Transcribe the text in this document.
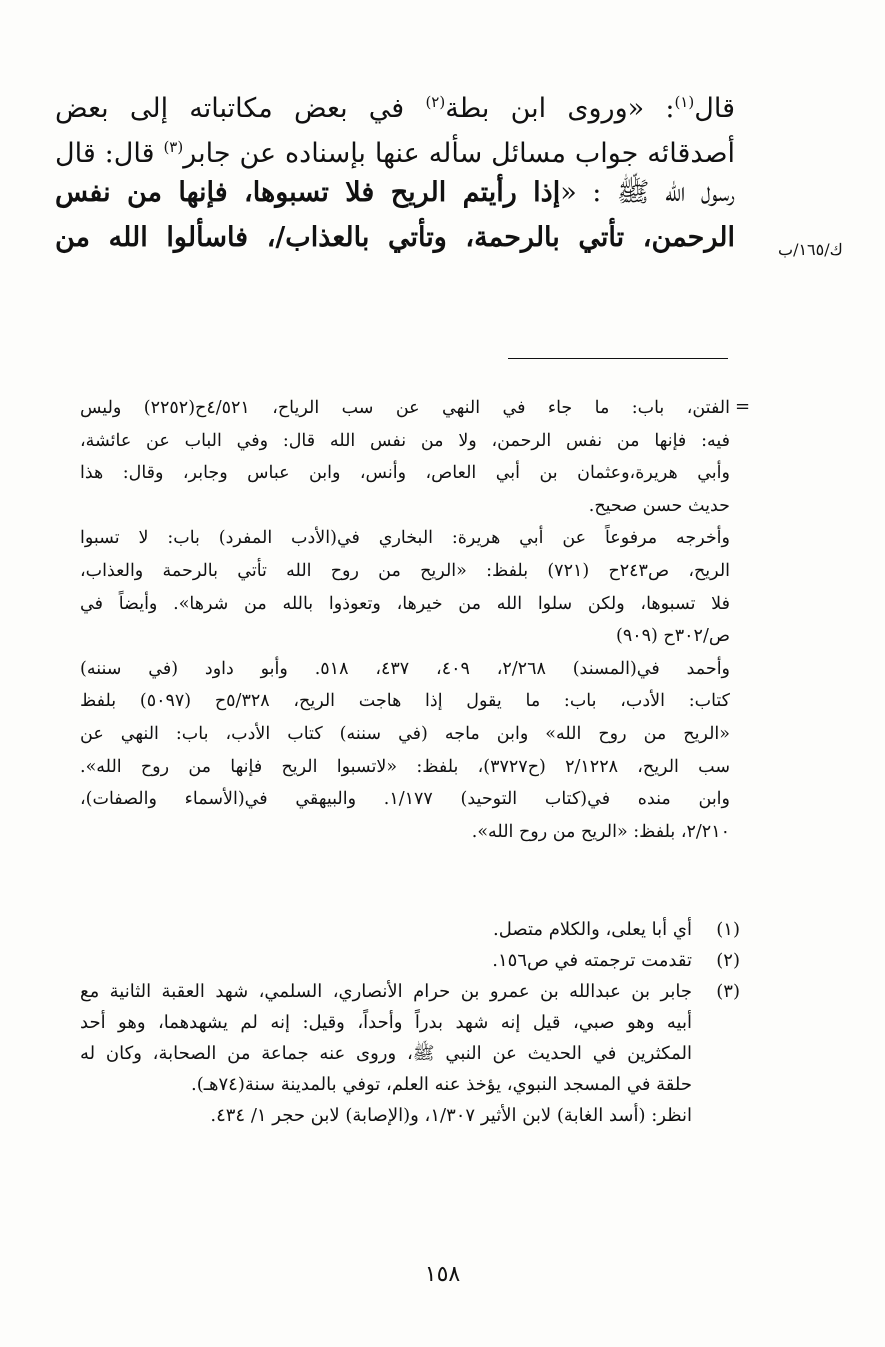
قال$^{(١)}$: «وروى ابن بطة$^{(٢)}$ في بعض مكاتباته إلى بعض
أصدقائه جواب مسائل سأله عنها بإسناده عن جابر$^{(٣)}$ قال: قال
رسول الله ﷺ : «إذا رأيتم الريح فلا تسبوها، فإنها من نفس
الرحمن، تأتي بالرحمة، وتأتي بالعذاب/، فاسألوا الله من	ك/١٦٥/ب
=
الفتن، باب: ما جاء في النهي عن سب الرياح، ٤/٥٢١ح(٢٢٥٢) وليس
فيه: فإنها من نفس الرحمن، ولا من نفس الله قال: وفي الباب عن عائشة،
وأبي هريرة،وعثمان بن أبي العاص، وأنس، وابن عباس وجابر، وقال: هذا
حديث حسن صحيح.
وأخرجه مرفوعاً عن أبي هريرة: البخاري في(الأدب المفرد) باب: لا تسبوا
الريح، ص٢٤٣ح (٧٢١) بلفظ: «الريح من روح الله تأتي بالرحمة والعذاب،
فلا تسبوها، ولكن سلوا الله من خيرها، وتعوذوا بالله من شرها». وأيضاً في
ص/٣٠٢ح (٩٠٩)
وأحمد في(المسند) ٢/٢٦٨، ٤٠٩، ٤٣٧، ٥١٨. وأبو داود (في سننه)
كتاب: الأدب، باب: ما يقول إذا هاجت الريح، ٥/٣٢٨ح (٥٠٩٧) بلفظ
«الريح من روح الله» وابن ماجه (في سننه) كتاب الأدب، باب: النهي عن
سب الريح، ٢/١٢٢٨ (ح٣٧٢٧)، بلفظ: «لاتسبوا الريح فإنها من روح الله».
وابن منده في(كتاب التوحيد) ١/١٧٧. والبيهقي في(الأسماء والصفات)،
٢/٢١٠، بلفظ: «الريح من روح الله».
(١)
أي أبا يعلى، والكلام متصل.
(٢)
تقدمت ترجمته في ص١٥٦.
(٣)
جابر بن عبدالله بن عمرو بن حرام الأنصاري، السلمي، شهد العقبة الثانية مع
أبيه وهو صبي، قيل إنه شهد بدراً وأحداً، وقيل: إنه لم يشهدهما، وهو أحد
المكثرين في الحديث عن النبي ﷺ، وروى عنه جماعة من الصحابة، وكان له
حلقة في المسجد النبوي، يؤخذ عنه العلم، توفي بالمدينة سنة(٧٤هـ).
انظر: (أسد الغابة) لابن الأثير ١/٣٠٧، و(الإصابة) لابن حجر ١/ ٤٣٤.
١٥٨
